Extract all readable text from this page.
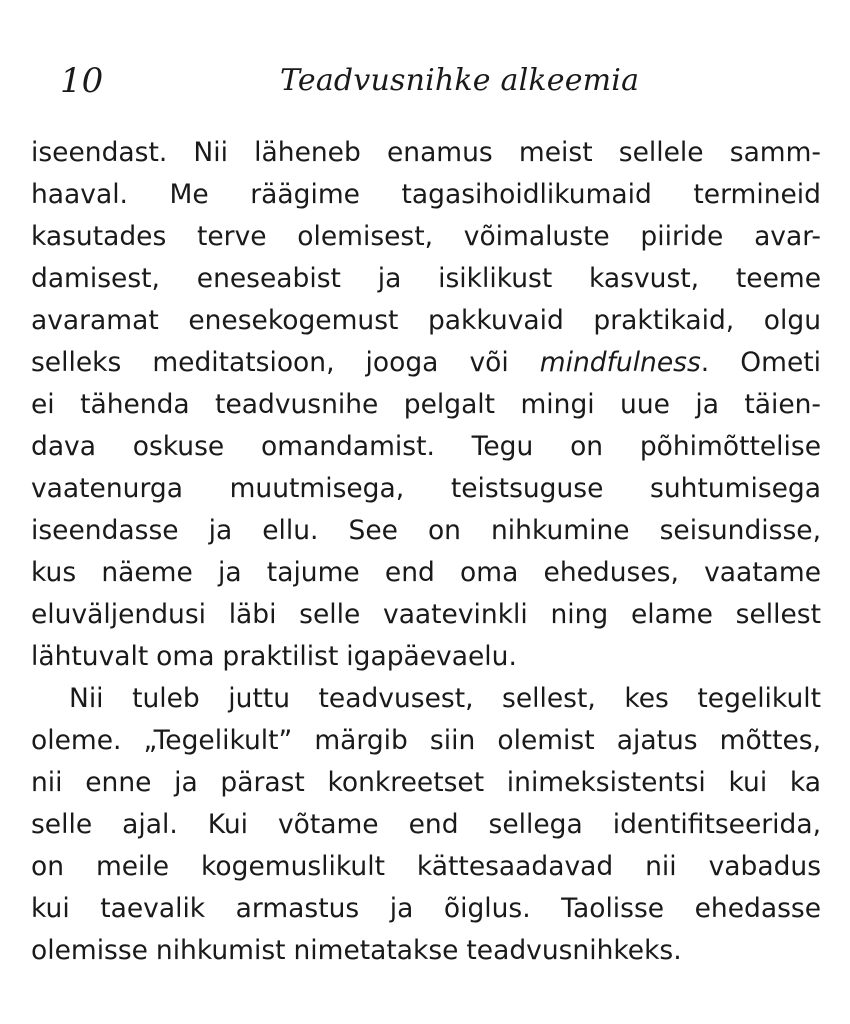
10	Teadvusnihke alkeemia
iseendast. Nii läheneb enamus meist sellele samm-
haaval. Me räägime tagasihoidlikumaid termineid
kasutades terve olemisest, võimaluste piiride avar-
damisest, eneseabist ja isiklikust kasvust, teeme
avaramat enesekogemust pakkuvaid praktikaid, olgu
selleks meditatsioon, jooga või mindfulness. Ometi
ei tähenda teadvusnihe pelgalt mingi uue ja täien-
dava oskuse omandamist. Tegu on põhimõttelise
vaatenurga muutmisega, teistsuguse suhtumisega
iseendasse ja ellu. See on nihkumine seisundisse,
kus näeme ja tajume end oma eheduses, vaatame
eluväljendusi läbi selle vaatevinkli ning elame sellest
lähtuvalt oma praktilist igapäevaelu.
Nii tuleb juttu teadvusest, sellest, kes tegelikult
oleme. „Tegelikult” märgib siin olemist ajatus mõttes,
nii enne ja pärast konkreetset inimeksistentsi kui ka
selle ajal. Kui võtame end sellega identifitseerida,
on meile kogemuslikult kättesaadavad nii vabadus
kui taevalik armastus ja õiglus. Taolisse ehedasse
olemisse nihkumist nimetatakse teadvusnihkeks.
